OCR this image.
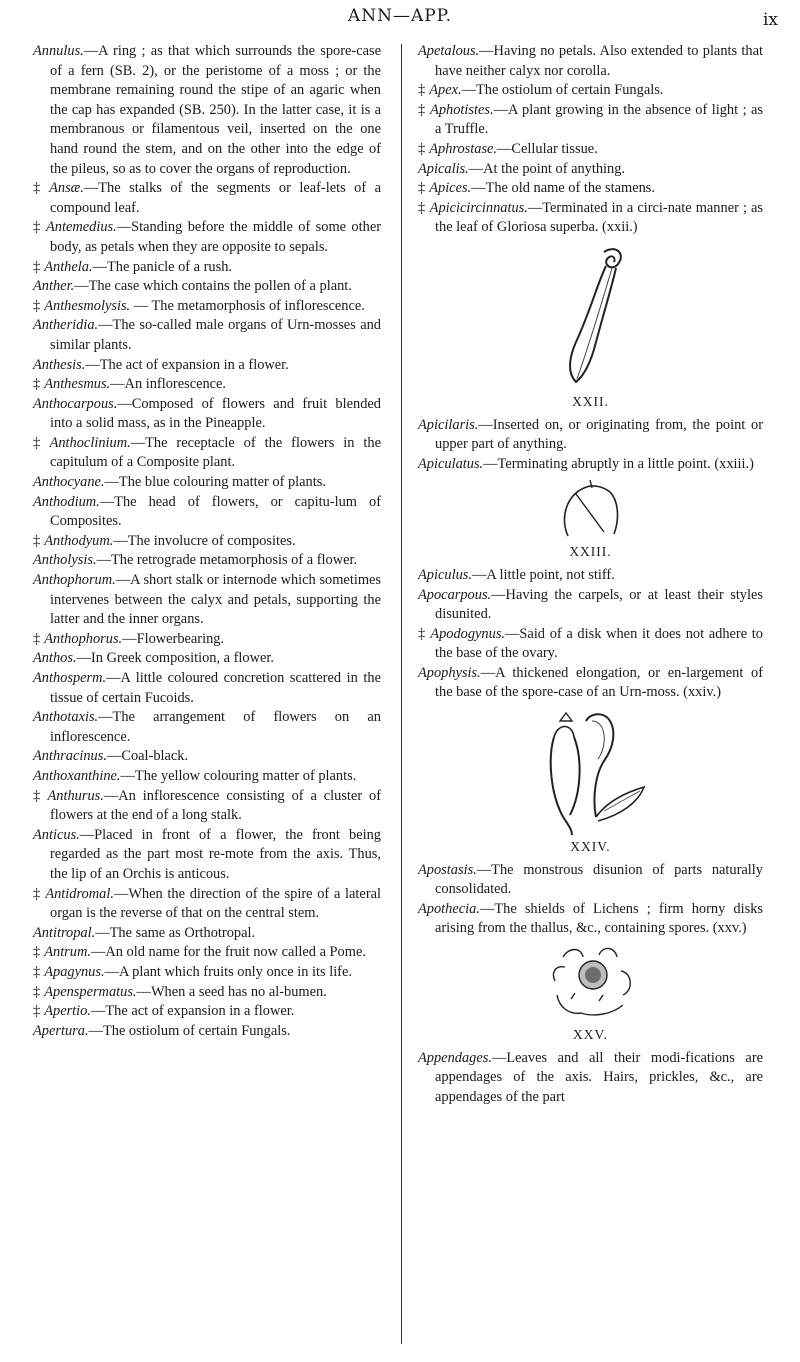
ANN—APP.	ix

Annulus.—A ring ; as that which surrounds the spore-case of a fern (SB. 2), or the peristome of a moss ; or the membrane remaining round the stipe of an agaric when the cap has expanded (SB. 250). In the latter case, it is a membranous or filamentous veil, inserted on the one hand round the stem, and on the other into the edge of the pileus, so as to cover the organs of reproduction.

‡ Ansæ.—The stalks of the segments or leaf-lets of a compound leaf.

‡ Antemedius.—Standing before the middle of some other body, as petals when they are opposite to sepals.

‡ Anthela.—The panicle of a rush.

Anther.—The case which contains the pollen of a plant.

‡ Anthesmolysis. — The metamorphosis of inflorescence.

Antheridia.—The so-called male organs of Urn-mosses and similar plants.

Anthesis.—The act of expansion in a flower.

‡ Anthesmus.—An inflorescence.

Anthocarpous.—Composed of flowers and fruit blended into a solid mass, as in the Pineapple.

‡ Anthoclinium.—The receptacle of the flowers in the capitulum of a Composite plant.

Anthocyane.—The blue colouring matter of plants.

Anthodium.—The head of flowers, or capitu-lum of Composites.

‡ Anthodyum.—The involucre of composites.

Antholysis.—The retrograde metamorphosis of a flower.

Anthophorum.—A short stalk or internode which sometimes intervenes between the calyx and petals, supporting the latter and the inner organs.

‡ Anthophorus.—Flowerbearing.

Anthos.—In Greek composition, a flower.

Anthosperm.—A little coloured concretion scattered in the tissue of certain Fucoids.

Anthotaxis.—The arrangement of flowers on an inflorescence.

Anthracinus.—Coal-black.

Anthoxanthine.—The yellow colouring matter of plants.

‡ Anthurus.—An inflorescence consisting of a cluster of flowers at the end of a long stalk.

Anticus.—Placed in front of a flower, the front being regarded as the part most re-mote from the axis. Thus, the lip of an Orchis is anticous.

‡ Antidromal.—When the direction of the spire of a lateral organ is the reverse of that on the central stem.

Antitropal.—The same as Orthotropal.

‡ Antrum.—An old name for the fruit now called a Pome.

‡ Apagynus.—A plant which fruits only once in its life.

‡ Apenspermatus.—When a seed has no al-bumen.

‡ Apertio.—The act of expansion in a flower.

Apertura.—The ostiolum of certain Fungals.

Apetalous.—Having no petals. Also extended to plants that have neither calyx nor corolla.

‡ Apex.—The ostiolum of certain Fungals.

‡ Aphotistes.—A plant growing in the absence of light ; as a Truffle.

‡ Aphrostase.—Cellular tissue.

Apicalis.—At the point of anything.

‡ Apices.—The old name of the stamens.

‡ Apicicircinnatus.—Terminated in a circi-nate manner ; as the leaf of Gloriosa superba. (xxii.)

XXII.

Apicilaris.—Inserted on, or originating from, the point or upper part of anything.

Apiculatus.—Terminating abruptly in a little point. (xxiii.)

XXIII.

Apiculus.—A little point, not stiff.

Apocarpous.—Having the carpels, or at least their styles disunited.

‡ Apodogynus.—Said of a disk when it does not adhere to the base of the ovary.

Apophysis.—A thickened elongation, or en-largement of the base of the spore-case of an Urn-moss. (xxiv.)

XXIV.

Apostasis.—The monstrous disunion of parts naturally consolidated.

Apothecia.—The shields of Lichens ; firm horny disks arising from the thallus, &c., containing spores. (xxv.)

XXV.

Appendages.—Leaves and all their modi-fications are appendages of the axis. Hairs, prickles, &c., are appendages of the part
